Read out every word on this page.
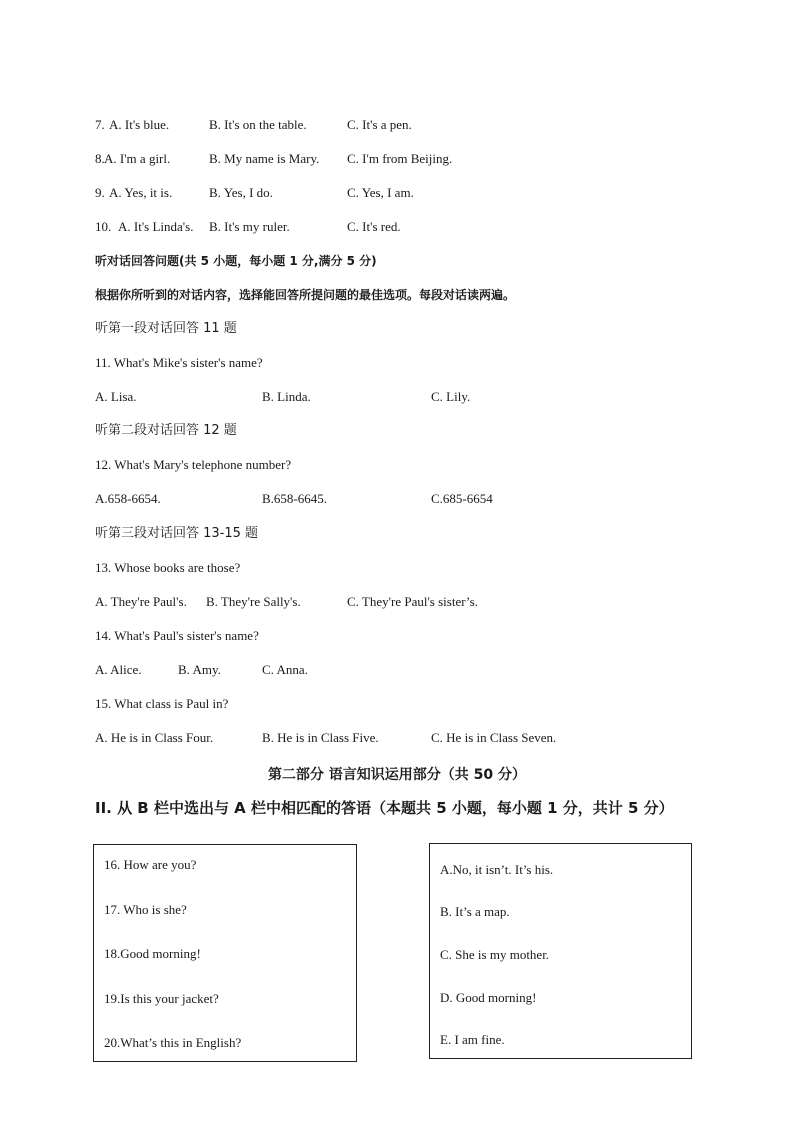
7. A. It's blue.	B. It's on the table.	C. It's a pen.
8. A. I'm a girl.	B. My name is Mary. C. I'm from Beijing.
9. A. Yes, it is.	B. Yes, I do.	C. Yes, I am.
10. A. It's Linda's. B. It's my ruler.	C. It's red.
听对话回答问题(共 5 小题，每小题 1 分,满分 5 分)
根据你所听到的对话内容，选择能回答所提问题的最佳选项。每段对话读两遍。
听第一段对话回答 11 题
11. What's Mike's sister's name?
A. Lisa.	B. Linda.	C. Lily.
听第二段对话回答 12 题
12. What's Mary's telephone number?
A.658-6654.	B.658-6645.	C.685-6654
听第三段对话回答 13-15 题
13. Whose books are those?
A. They're Paul's. B. They're Sally's.	C. They're Paul's sister’s.
14. What's Paul's sister's name?
A. Alice.	B. Amy.	C. Anna.
15. What class is Paul in?
A. He is in Class Four.	B. He is in Class Five.	C. He is in Class Seven.
第二部分 语言知识运用部分（共 50 分）
II. 从 B 栏中选出与 A 栏中相匹配的答语（本题共 5 小题，每小题 1 分，共计 5 分）
16. How are you?
17. Who is she?
18.Good morning!
19.Is this your jacket?
20.What’s this in English?
A.No, it isn’t. It’s his.
B. It’s a map.
C. She is my mother.
D. Good morning!
E. I am fine.
